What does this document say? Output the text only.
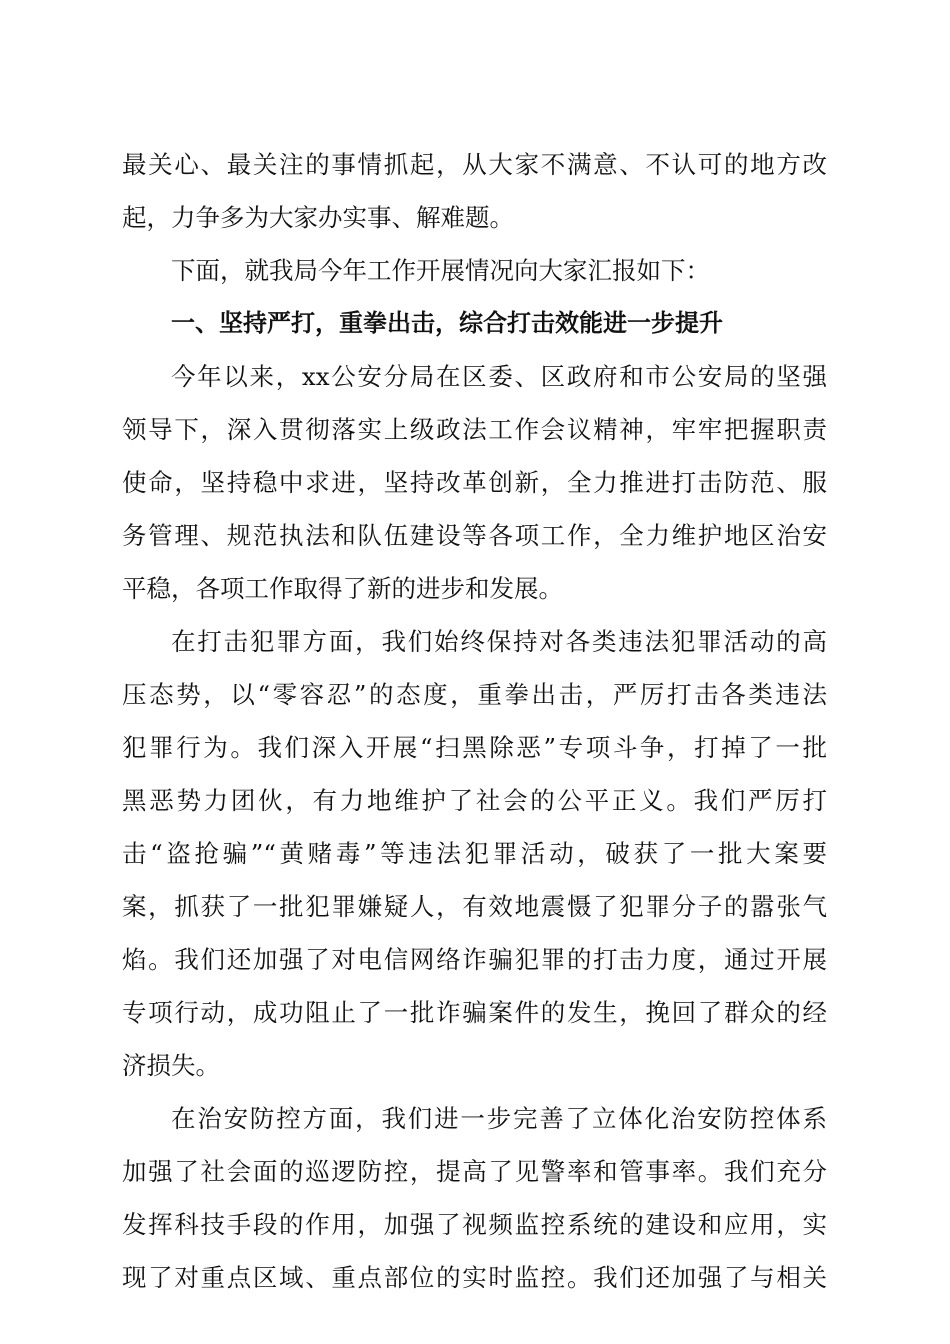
最关心、最关注的事情抓起，从大家不满意、不认可的地方改
起，力争多为大家办实事、解难题。
下面，就我局今年工作开展情况向大家汇报如下：
一、坚持严打，重拳出击，综合打击效能进一步提升
今年以来，xx公安分局在区委、区政府和市公安局的坚强
领导下，深入贯彻落实上级政法工作会议精神，牢牢把握职责
使命，坚持稳中求进，坚持改革创新，全力推进打击防范、服
务管理、规范执法和队伍建设等各项工作，全力维护地区治安
平稳，各项工作取得了新的进步和发展。
在打击犯罪方面，我们始终保持对各类违法犯罪活动的高
压态势，以“零容忍”的态度，重拳出击，严厉打击各类违法
犯罪行为。我们深入开展“扫黑除恶”专项斗争，打掉了一批
黑恶势力团伙，有力地维护了社会的公平正义。我们严厉打
击“盗抢骗”“黄赌毒”等违法犯罪活动，破获了一批大案要
案，抓获了一批犯罪嫌疑人，有效地震慑了犯罪分子的嚣张气
焰。我们还加强了对电信网络诈骗犯罪的打击力度，通过开展
专项行动，成功阻止了一批诈骗案件的发生，挽回了群众的经
济损失。
在治安防控方面，我们进一步完善了立体化治安防控体系
加强了社会面的巡逻防控，提高了见警率和管事率。我们充分
发挥科技手段的作用，加强了视频监控系统的建设和应用，实
现了对重点区域、重点部位的实时监控。我们还加强了与相关
